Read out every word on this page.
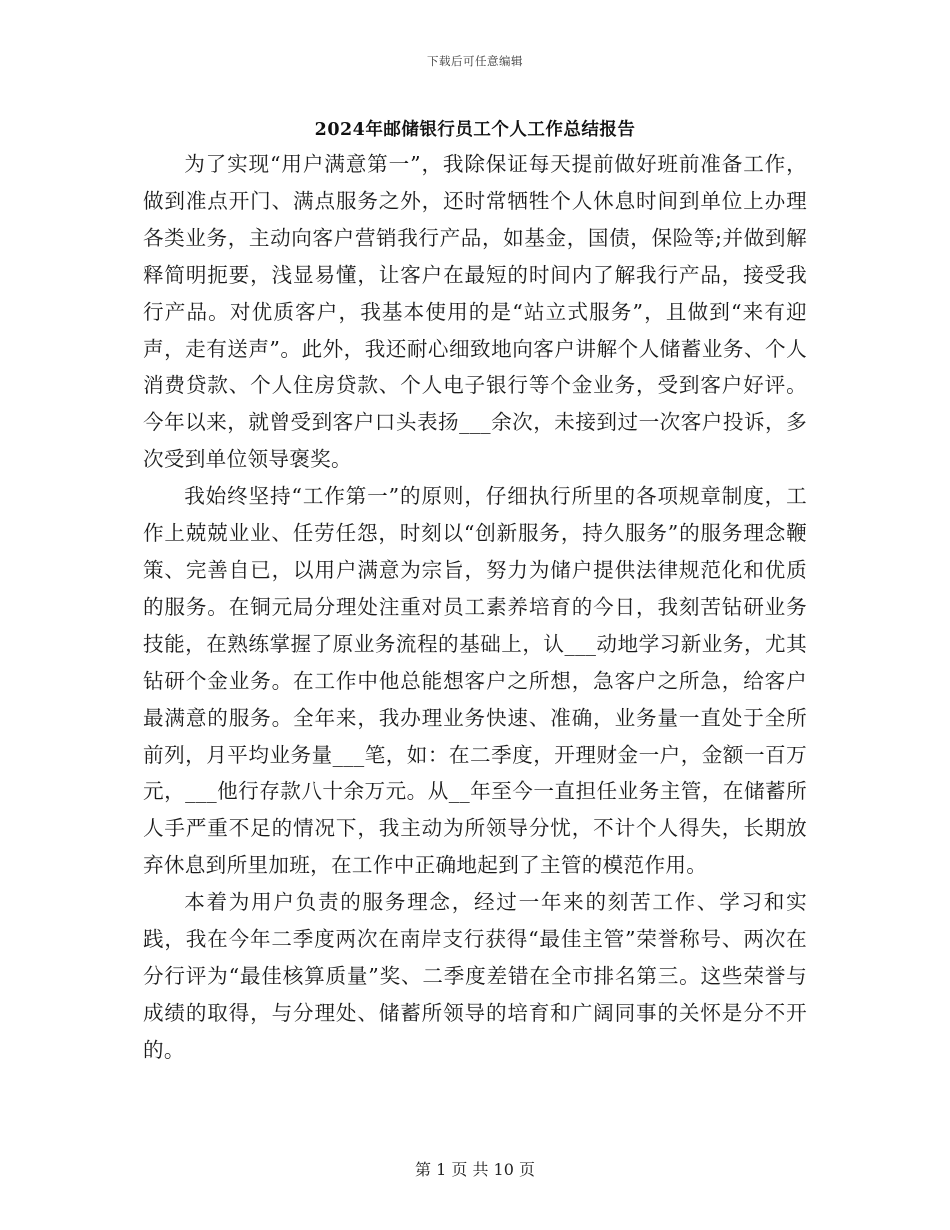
下载后可任意编辑
2024年邮储银行员工个人工作总结报告

为了实现“用户满意第一”，我除保证每天提前做好班前准备工作，做到准点开门、满点服务之外，还时常牺牲个人休息时间到单位上办理各类业务，主动向客户营销我行产品，如基金，国债，保险等;并做到解释简明扼要，浅显易懂，让客户在最短的时间内了解我行产品，接受我行产品。对优质客户，我基本使用的是“站立式服务”，且做到“来有迎声，走有送声”。此外，我还耐心细致地向客户讲解个人储蓄业务、个人消费贷款、个人住房贷款、个人电子银行等个金业务，受到客户好评。今年以来，就曾受到客户口头表扬___余次，未接到过一次客户投诉，多次受到单位领导褒奖。

我始终坚持“工作第一”的原则，仔细执行所里的各项规章制度，工作上兢兢业业、任劳任怨，时刻以“创新服务，持久服务”的服务理念鞭策、完善自已，以用户满意为宗旨，努力为储户提供法律规范化和优质的服务。在铜元局分理处注重对员工素养培育的今日，我刻苦钻研业务技能，在熟练掌握了原业务流程的基础上，认___动地学习新业务，尤其钻研个金业务。在工作中他总能想客户之所想，急客户之所急，给客户最满意的服务。全年来，我办理业务快速、准确，业务量一直处于全所前列，月平均业务量___笔，如：在二季度，开理财金一户，金额一百万元，___他行存款八十余万元。从__年至今一直担任业务主管，在储蓄所人手严重不足的情况下，我主动为所领导分忧，不计个人得失，长期放弃休息到所里加班，在工作中正确地起到了主管的模范作用。

本着为用户负责的服务理念，经过一年来的刻苦工作、学习和实践，我在今年二季度两次在南岸支行获得“最佳主管”荣誉称号、两次在分行评为“最佳核算质量”奖、二季度差错在全市排名第三。这些荣誉与成绩的取得，与分理处、储蓄所领导的培育和广阔同事的关怀是分不开的。

第 1 页 共 10 页
